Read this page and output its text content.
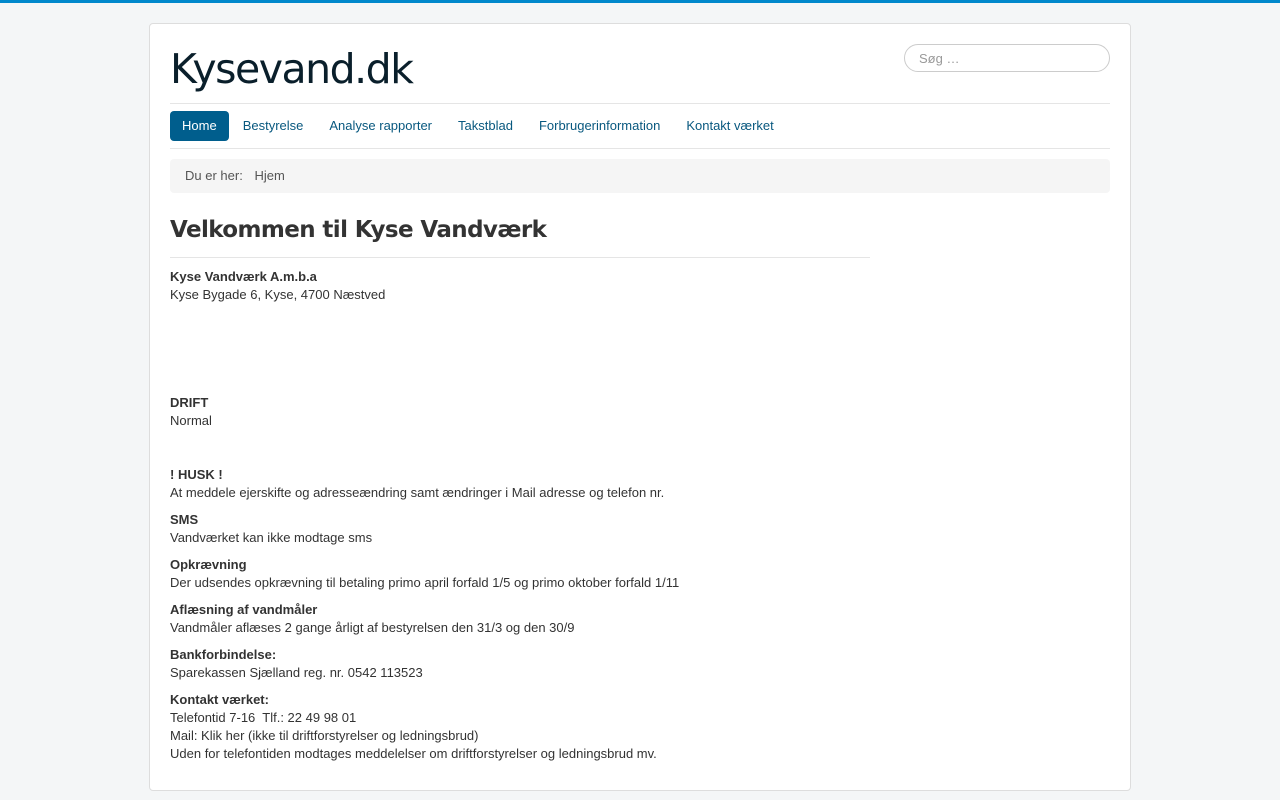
Kysevand.dk
Søg …
Home	Bestyrelse	Analyse rapporter	Takstblad	Forbrugerinformation	Kontakt værket
Du er her: Hjem
Velkommen til Kyse Vandværk

Kyse Vandværk A.m.b.a
Kyse Bygade 6, Kyse, 4700 Næstved

DRIFT
Normal

! HUSK !
At meddele ejerskifte og adresseændring samt ændringer i Mail adresse og telefon nr.

SMS
Vandværket kan ikke modtage sms

Opkrævning
Der udsendes opkrævning til betaling primo april forfald 1/5 og primo oktober forfald 1/11

Aflæsning af vandmåler
Vandmåler aflæses 2 gange årligt af bestyrelsen den 31/3 og den 30/9

Bankforbindelse:
Sparekassen Sjælland reg. nr. 0542 113523

Kontakt værket:
Telefontid 7-16  Tlf.: 22 49 98 01
Mail: Klik her (ikke til driftforstyrelser og ledningsbrud)
Uden for telefontiden modtages meddelelser om driftforstyrelser og ledningsbrud mv.
